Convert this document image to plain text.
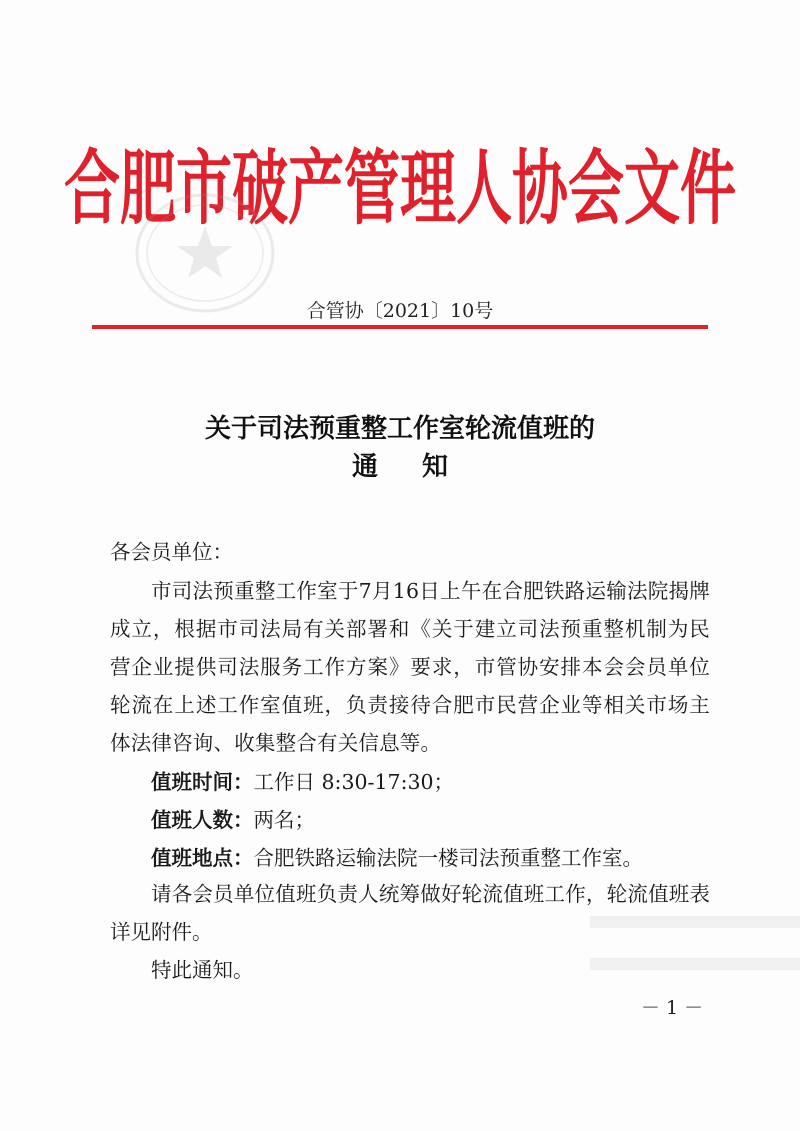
合肥市破产管理人协会文件
合管协〔2021〕10号
关于司法预重整工作室轮流值班的
通 知
各会员单位：
市司法预重整工作室于7月16日上午在合肥铁路运输法院揭牌成立，根据市司法局有关部署和《关于建立司法预重整机制为民营企业提供司法服务工作方案》要求，市管协安排本会会员单位轮流在上述工作室值班，负责接待合肥市民营企业等相关市场主体法律咨询、收集整合有关信息等。
值班时间：工作日 8:30-17:30；
值班人数：两名；
值班地点：合肥铁路运输法院一楼司法预重整工作室。
请各会员单位值班负责人统筹做好轮流值班工作，轮流值班表详见附件。
特此通知。
－ 1 －
